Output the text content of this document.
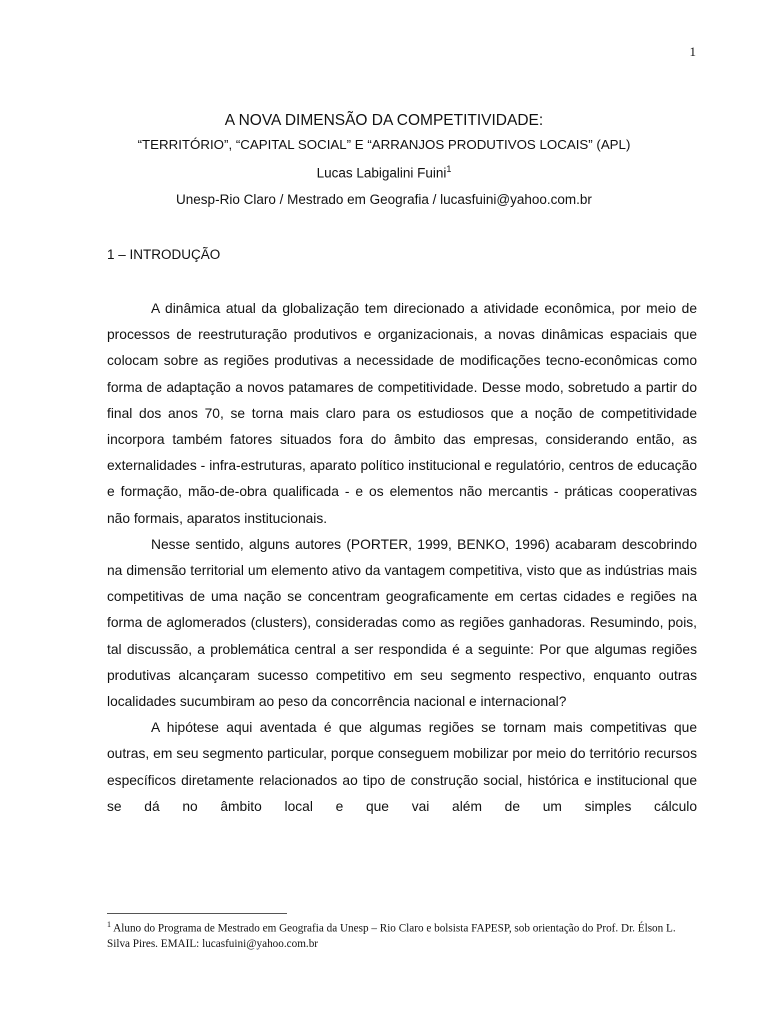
1
A NOVA DIMENSÃO DA COMPETITIVIDADE:
“TERRITÓRIO”, “CAPITAL SOCIAL” E “ARRANJOS PRODUTIVOS LOCAIS” (APL)
Lucas Labigalini Fuini$^1$
Unesp-Rio Claro / Mestrado em Geografia / lucasfuini@yahoo.com.br
1 – INTRODUÇÃO

A dinâmica atual da globalização tem direcionado a atividade econômica, por meio de processos de reestruturação produtivos e organizacionais, a novas dinâmicas espaciais que colocam sobre as regiões produtivas a necessidade de modificações tecno-econômicas como forma de adaptação a novos patamares de competitividade. Desse modo, sobretudo a partir do final dos anos 70, se torna mais claro para os estudiosos que a noção de competitividade incorpora também fatores situados fora do âmbito das empresas, considerando então, as externalidades - infra-estruturas, aparato político institucional e regulatório, centros de educação e formação, mão-de-obra qualificada - e os elementos não mercantis - práticas cooperativas não formais, aparatos institucionais.

Nesse sentido, alguns autores (PORTER, 1999, BENKO, 1996) acabaram descobrindo na dimensão territorial um elemento ativo da vantagem competitiva, visto que as indústrias mais competitivas de uma nação se concentram geograficamente em certas cidades e regiões na forma de aglomerados (clusters), consideradas como as regiões ganhadoras. Resumindo, pois, tal discussão, a problemática central a ser respondida é a seguinte: Por que algumas regiões produtivas alcançaram sucesso competitivo em seu segmento respectivo, enquanto outras localidades sucumbiram ao peso da concorrência nacional e internacional?

A hipótese aqui aventada é que algumas regiões se tornam mais competitivas que outras, em seu segmento particular, porque conseguem mobilizar por meio do território recursos específicos diretamente relacionados ao tipo de construção social, histórica e institucional que se dá no âmbito local e que vai além de um simples cálculo

$^1$ Aluno do Programa de Mestrado em Geografia da Unesp – Rio Claro e bolsista FAPESP, sob orientação do Prof. Dr. Élson L. Silva Pires. EMAIL: lucasfuini@yahoo.com.br
